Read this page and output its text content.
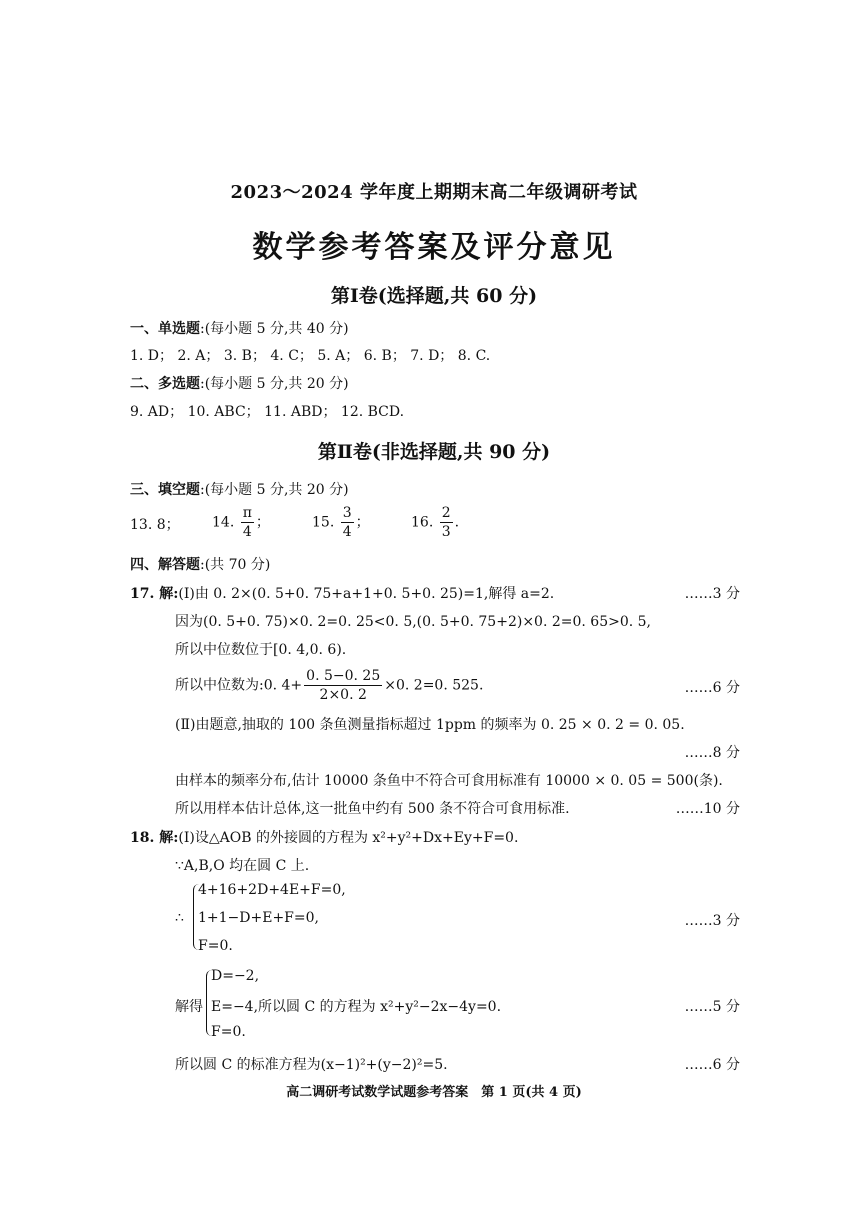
2023～2024 学年度上期期末高二年级调研考试
数学参考答案及评分意见
第Ⅰ卷(选择题,共 60 分)
一、单选题:(每小题 5 分,共 40 分)
1. D； 2. A； 3. B； 4. C； 5. A； 6. B； 7. D； 8. C.
二、多选题:(每小题 5 分,共 20 分)
9. AD； 10. ABC； 11. ABD； 12. BCD.
第Ⅱ卷(非选择题,共 90 分)
三、填空题:(每小题 5 分,共 20 分)
13. 8； 14. $\frac{\pi}{4}$ ；	15. $\frac{3}{4}$ ；	16. $\frac{2}{3}$ .
四、解答题:(共 70 分)
17. 解:(Ⅰ)由 0. 2×(0. 5+0. 75+a+1+0. 5+0. 25)=1,解得 a=2.	……3 分
因为(0. 5+0. 75)×0. 2=0. 25<0. 5,(0. 5+0. 75+2)×0. 2=0. 65>0. 5,
所以中位数位于[0. 4,0. 6).
所以中位数为:0. $4+ \frac{0. 5-0. 25}{2\times 0. 2} \times 0$. 2=0. 525.	……6 分
(Ⅱ)由题意,抽取的 100 条鱼测量指标超过 1ppm 的频率为 0. 25 × 0. 2 = 0. 05.
……8 分
由样本的频率分布,估计 10000 条鱼中不符合可食用标准有 10000 × 0. 05 = 500(条).
所以用样本估计总体,这一批鱼中约有 500 条不符合可食用标准.	……10 分
18. 解:(Ⅰ)设△AOB 的外接圆的方程为 x²+y²+Dx+Ey+F=0.
∵A,B,O 均在圆 C 上.
∴
4+16+2D+4E+F=0,
1+1−D+E+F=0,
F=0.
……3 分
解得
D=−2,
E=−4,所以圆 C 的方程为 x²+y²−2x−4y=0.
F=0.
……5 分
所以圆 C 的标准方程为(x−1)²+(y−2)²=5.	……6 分
高二调研考试数学试题参考答案　第 1 页(共 4 页)
